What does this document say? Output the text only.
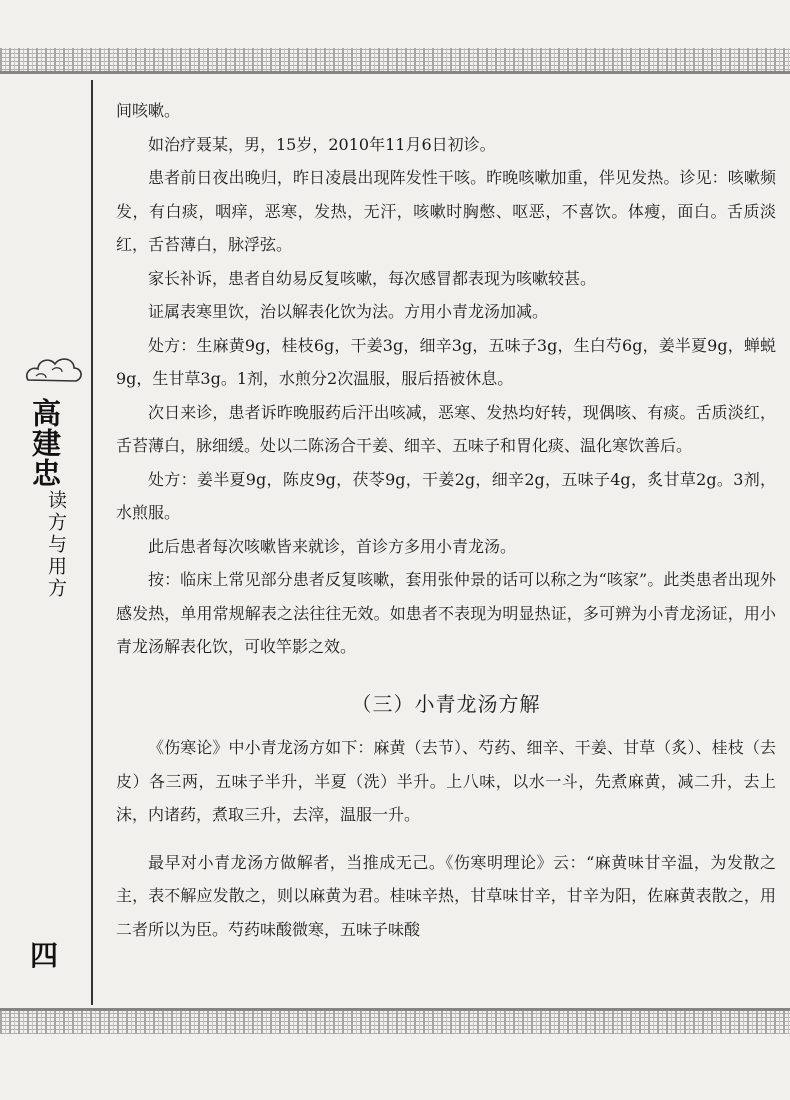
高建忠
读方与用方
四

间咳嗽。

如治疗聂某，男，15岁，2010年11月6日初诊。

患者前日夜出晚归，昨日凌晨出现阵发性干咳。昨晚咳嗽加重，伴见发热。诊见：咳嗽频发，有白痰，咽痒，恶寒，发热，无汗，咳嗽时胸憋、呕恶，不喜饮。体瘦，面白。舌质淡红，舌苔薄白，脉浮弦。

家长补诉，患者自幼易反复咳嗽，每次感冒都表现为咳嗽较甚。

证属表寒里饮，治以解表化饮为法。方用小青龙汤加减。

处方：生麻黄9g，桂枝6g，干姜3g，细辛3g，五味子3g，生白芍6g，姜半夏9g，蝉蜕9g，生甘草3g。1剂，水煎分2次温服，服后捂被休息。

次日来诊，患者诉昨晚服药后汗出咳减，恶寒、发热均好转，现偶咳、有痰。舌质淡红，舌苔薄白，脉细缓。处以二陈汤合干姜、细辛、五味子和胃化痰、温化寒饮善后。

处方：姜半夏9g，陈皮9g，茯苓9g，干姜2g，细辛2g，五味子4g，炙甘草2g。3剂，水煎服。

此后患者每次咳嗽皆来就诊，首诊方多用小青龙汤。

按：临床上常见部分患者反复咳嗽，套用张仲景的话可以称之为“咳家”。此类患者出现外感发热，单用常规解表之法往往无效。如患者不表现为明显热证，多可辨为小青龙汤证，用小青龙汤解表化饮，可收竿影之效。

（三）小青龙汤方解

《伤寒论》中小青龙汤方如下：麻黄（去节）、芍药、细辛、干姜、甘草（炙）、桂枝（去皮）各三两，五味子半升，半夏（洗）半升。上八味，以水一斗，先煮麻黄，减二升，去上沫，内诸药，煮取三升，去滓，温服一升。

最早对小青龙汤方做解者，当推成无己。《伤寒明理论》云：“麻黄味甘辛温，为发散之主，表不解应发散之，则以麻黄为君。桂味辛热，甘草味甘辛，甘辛为阳，佐麻黄表散之，用二者所以为臣。芍药味酸微寒，五味子味酸
